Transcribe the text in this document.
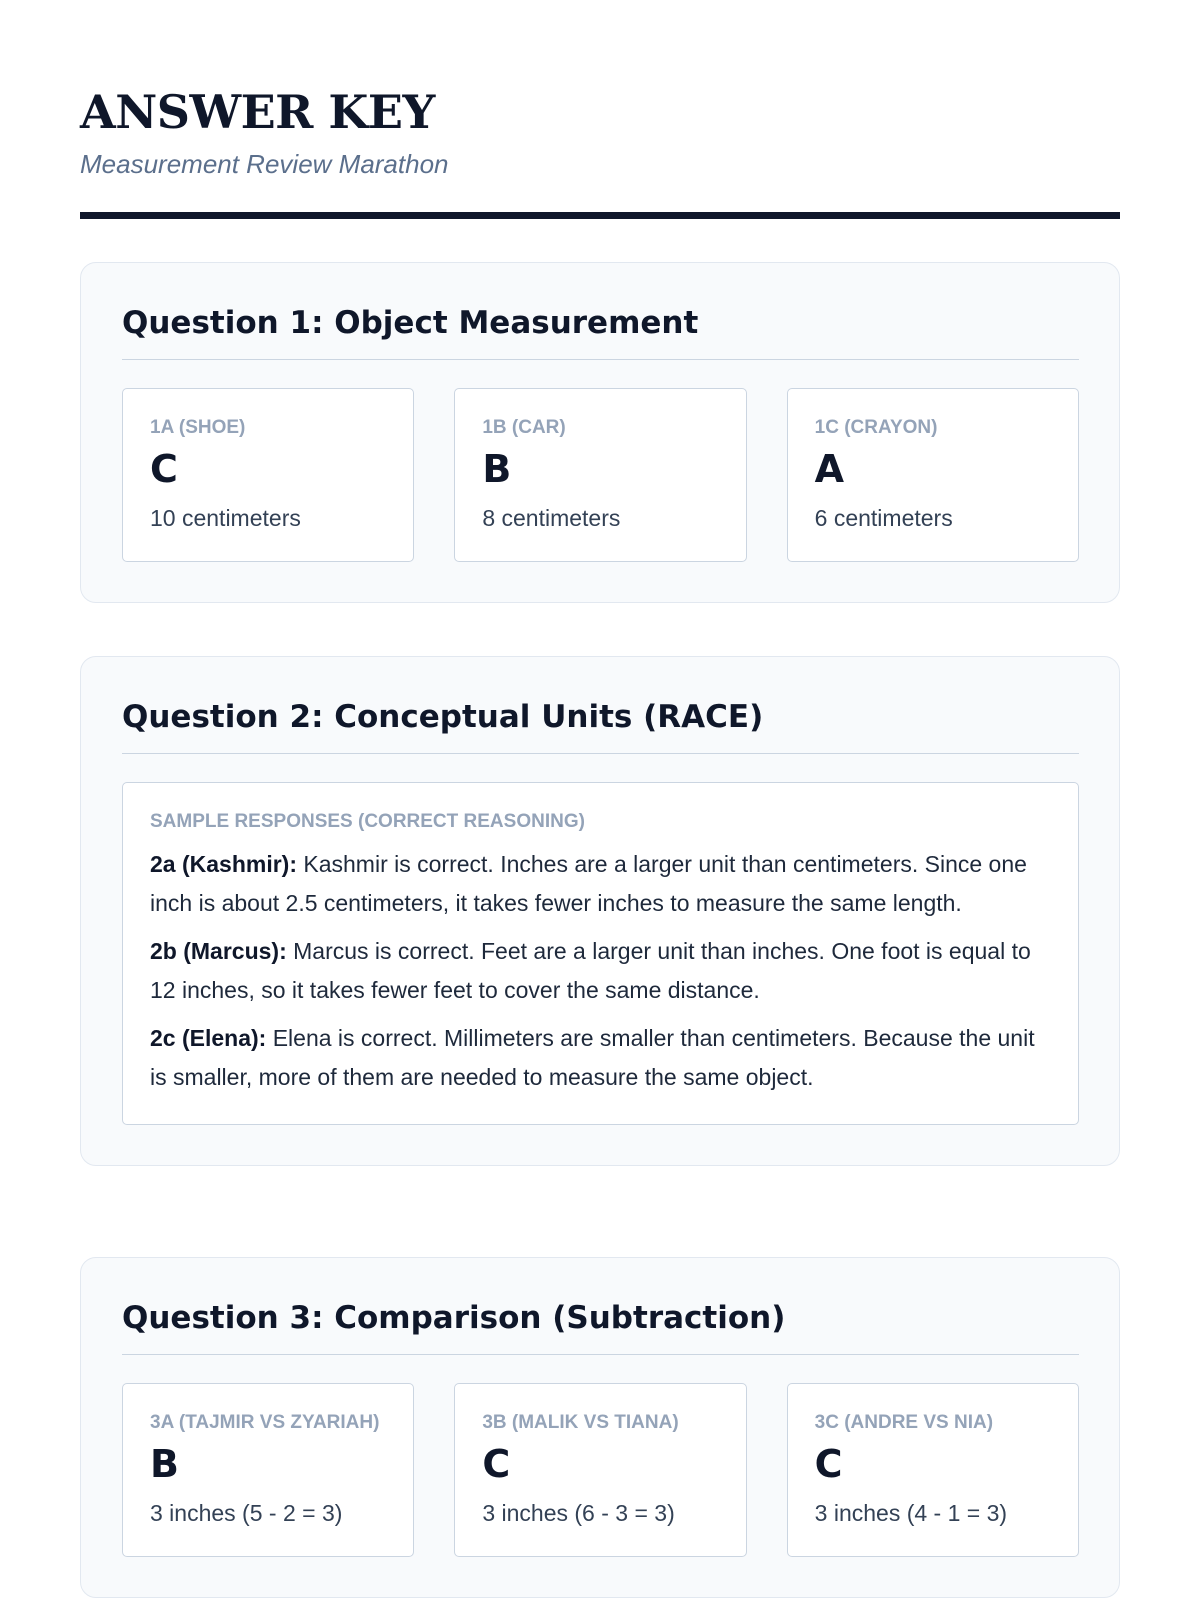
ANSWER KEY
Measurement Review Marathon
Question 1: Object Measurement
1A (SHOE)
C
10 centimeters
1B (CAR)
B
8 centimeters
1C (CRAYON)
A
6 centimeters
Question 2: Conceptual Units (RACE)
SAMPLE RESPONSES (CORRECT REASONING)

2a (Kashmir): Kashmir is correct. Inches are a larger unit than centimeters. Since one inch is about 2.5 centimeters, it takes fewer inches to measure the same length.

2b (Marcus): Marcus is correct. Feet are a larger unit than inches. One foot is equal to 12 inches, so it takes fewer feet to cover the same distance.

2c (Elena): Elena is correct. Millimeters are smaller than centimeters. Because the unit is smaller, more of them are needed to measure the same object.

Question 3: Comparison (Subtraction)
3A (TAJMIR VS ZYARIAH)
B
3 inches (5 - 2 = 3)
3B (MALIK VS TIANA)
C
3 inches (6 - 3 = 3)
3C (ANDRE VS NIA)
C
3 inches (4 - 1 = 3)
